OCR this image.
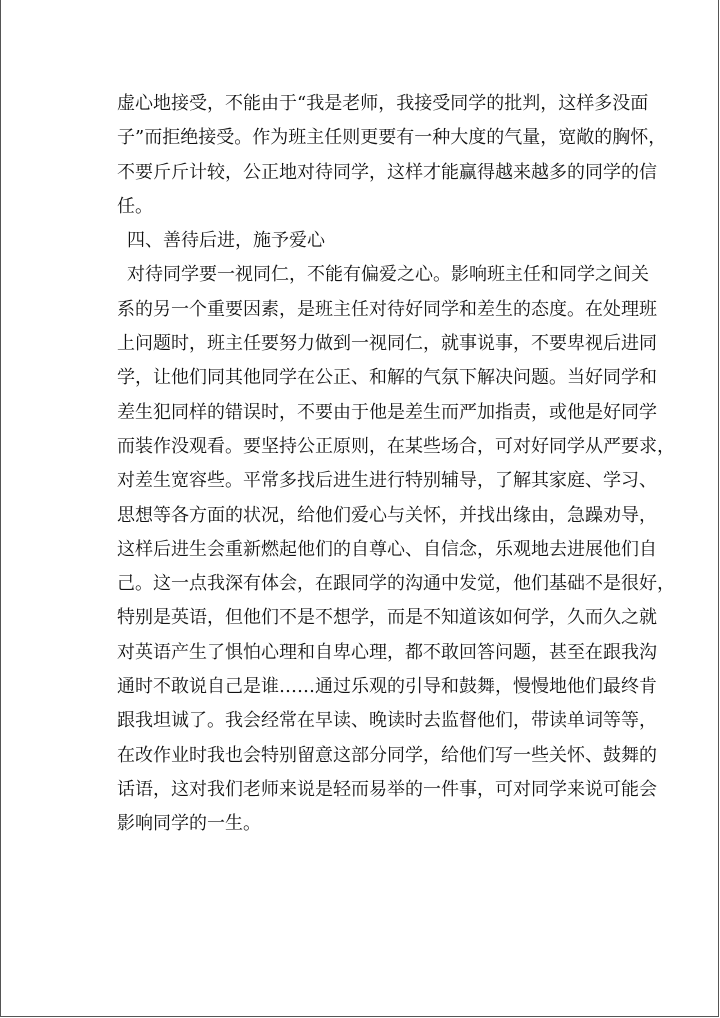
虚心地接受，不能由于“我是老师，我接受同学的批判，这样多没面
子”而拒绝接受。作为班主任则更要有一种大度的气量，宽敞的胸怀，
不要斤斤计较，公正地对待同学，这样才能赢得越来越多的同学的信
任。
四、善待后进，施予爱心
对待同学要一视同仁，不能有偏爱之心。影响班主任和同学之间关
系的另一个重要因素，是班主任对待好同学和差生的态度。在处理班
上问题时，班主任要努力做到一视同仁，就事说事，不要卑视后进同
学，让他们同其他同学在公正、和解的气氛下解决问题。当好同学和
差生犯同样的错误时，不要由于他是差生而严加指责，或他是好同学
而装作没观看。要坚持公正原则，在某些场合，可对好同学从严要求，
对差生宽容些。平常多找后进生进行特别辅导，了解其家庭、学习、
思想等各方面的状况，给他们爱心与关怀，并找出缘由，急躁劝导，
这样后进生会重新燃起他们的自尊心、自信念，乐观地去进展他们自
己。这一点我深有体会，在跟同学的沟通中发觉，他们基础不是很好，
特别是英语，但他们不是不想学，而是不知道该如何学，久而久之就
对英语产生了惧怕心理和自卑心理，都不敢回答问题，甚至在跟我沟
通时不敢说自己是谁……通过乐观的引导和鼓舞，慢慢地他们最终肯
跟我坦诚了。我会经常在早读、晚读时去监督他们，带读单词等等，
在改作业时我也会特别留意这部分同学，给他们写一些关怀、鼓舞的
话语，这对我们老师来说是轻而易举的一件事，可对同学来说可能会
影响同学的一生。
